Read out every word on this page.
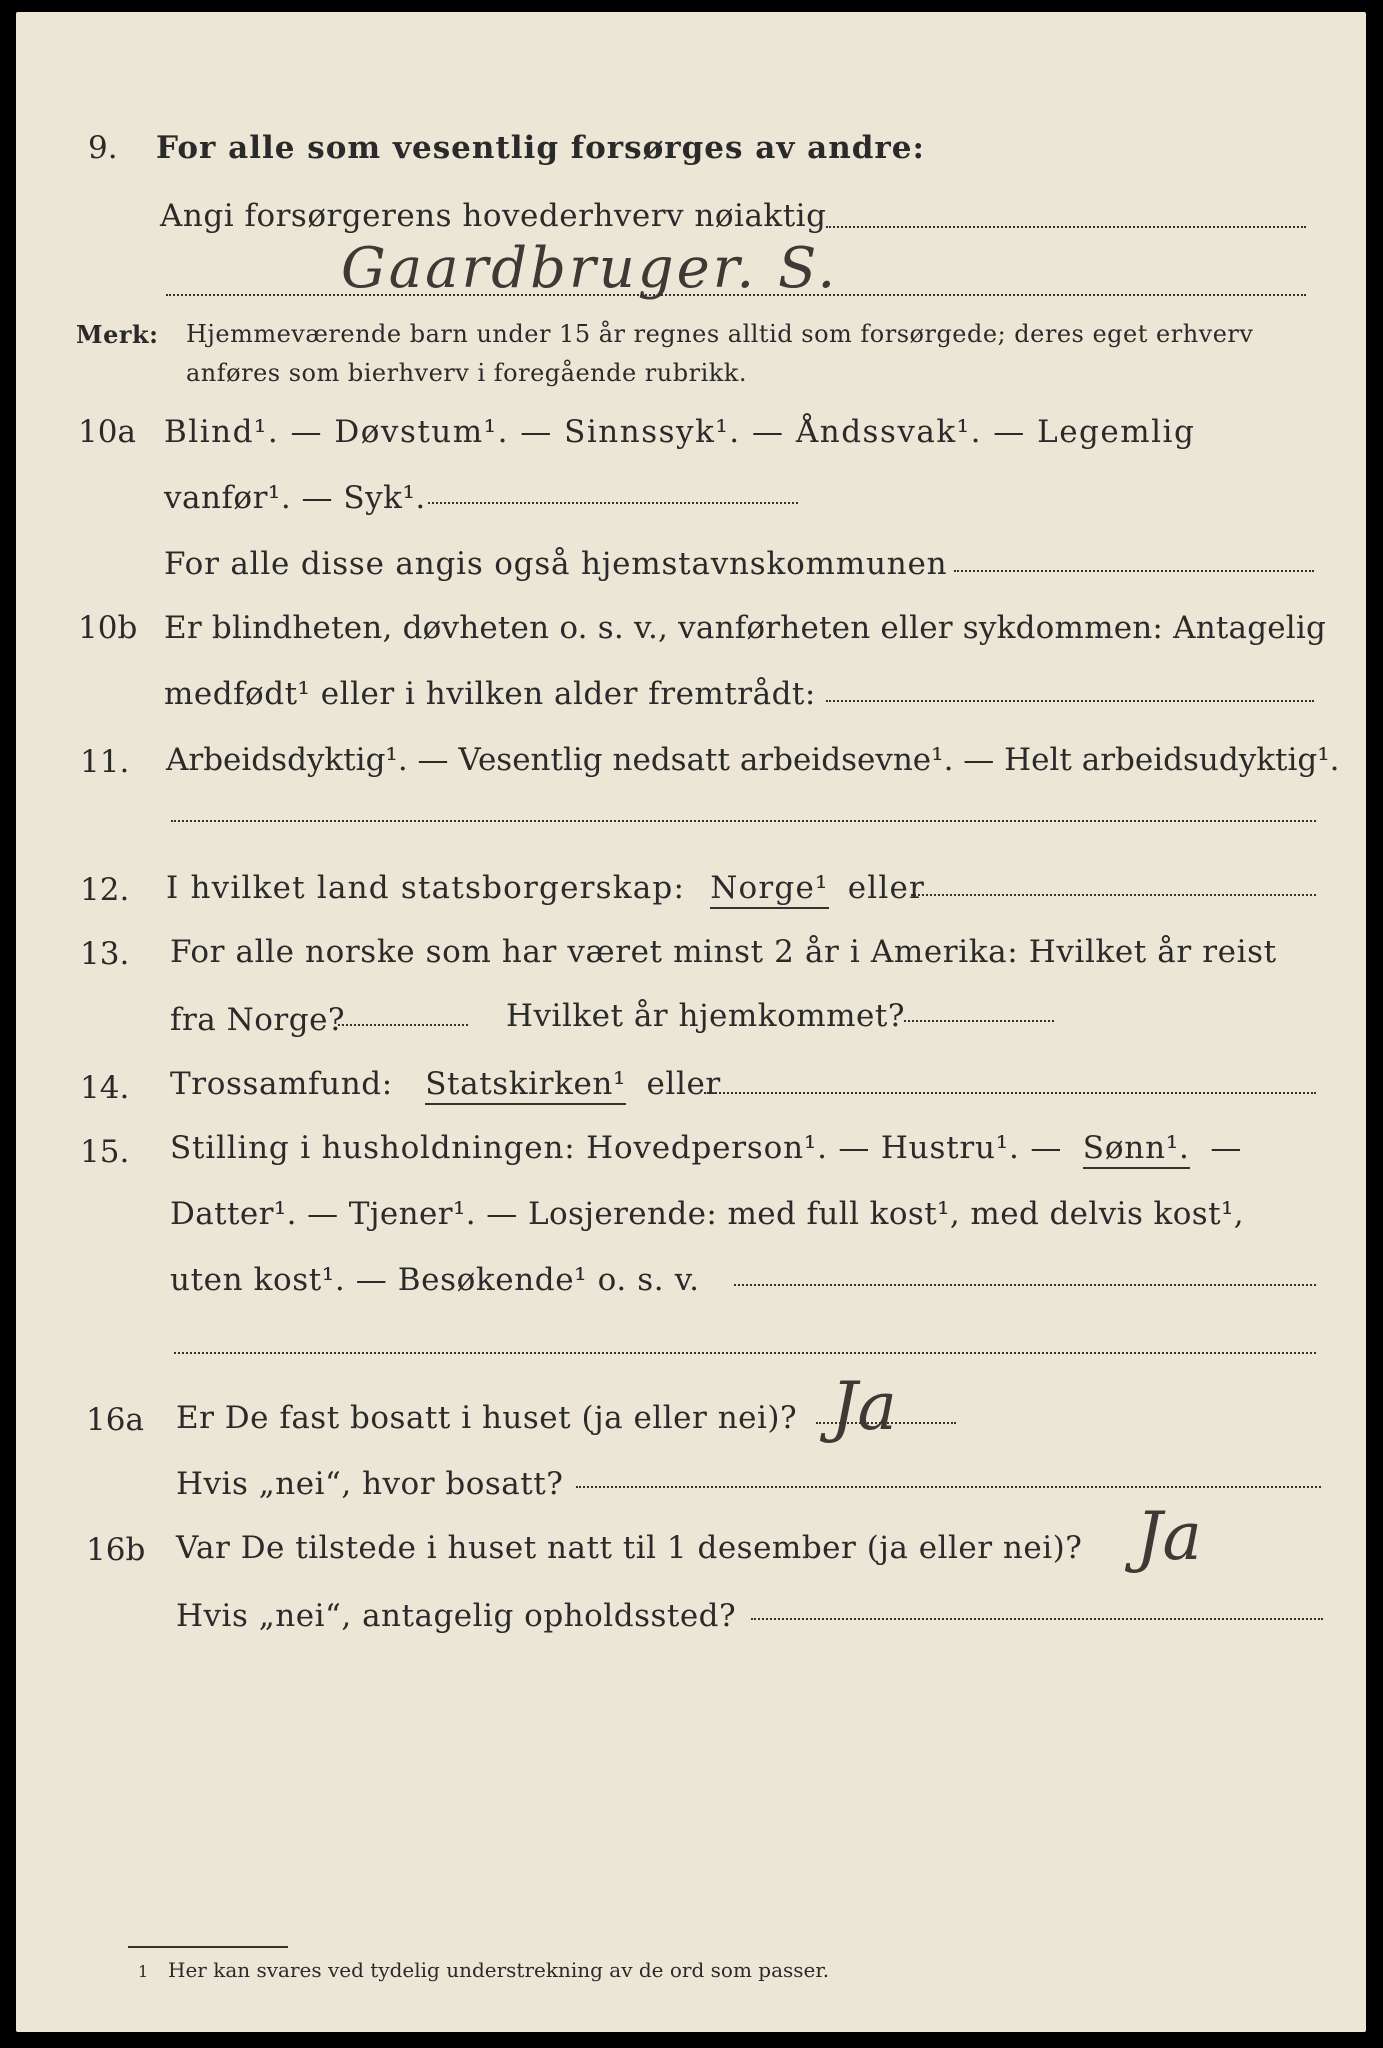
9. For alle som vesentlig forsørges av andre:
Angi forsørgerens hovederhverv nøiaktig
Gaardbruger. S.
Merk: Hjemmeværende barn under 15 år regnes alltid som forsørgede; deres eget erhverv
anføres som bierhverv i foregående rubrikk.
10a Blind¹. — Døvstum¹. — Sinnssyk¹. — Åndssvak¹. — Legemlig
vanfør¹. — Syk¹.
For alle disse angis også hjemstavnskommunen
10b Er blindheten, døvheten o. s. v., vanførheten eller sykdommen: Antagelig
medfødt¹ eller i hvilken alder fremtrådt:
11. Arbeidsdyktig¹. — Vesentlig nedsatt arbeidsevne¹. — Helt arbeidsudyktig¹.
12. I hvilket land statsborgerskap: Norge¹ eller
13. For alle norske som har været minst 2 år i Amerika: Hvilket år reist
fra Norge?	Hvilket år hjemkommet?
14. Trossamfund: Statskirken¹ eller
15. Stilling i husholdningen: Hovedperson¹. — Hustru¹. — Sønn¹. —
Datter¹. — Tjener¹. — Losjerende: med full kost¹, med delvis kost¹,
uten kost¹. — Besøkende¹ o. s. v.
16a Er De fast bosatt i huset (ja eller nei)? Ja
Hvis „nei“, hvor bosatt?
16b Var De tilstede i huset natt til 1 desember (ja eller nei)? Ja
Hvis „nei“, antagelig opholdssted?
1 Her kan svares ved tydelig understrekning av de ord som passer.
